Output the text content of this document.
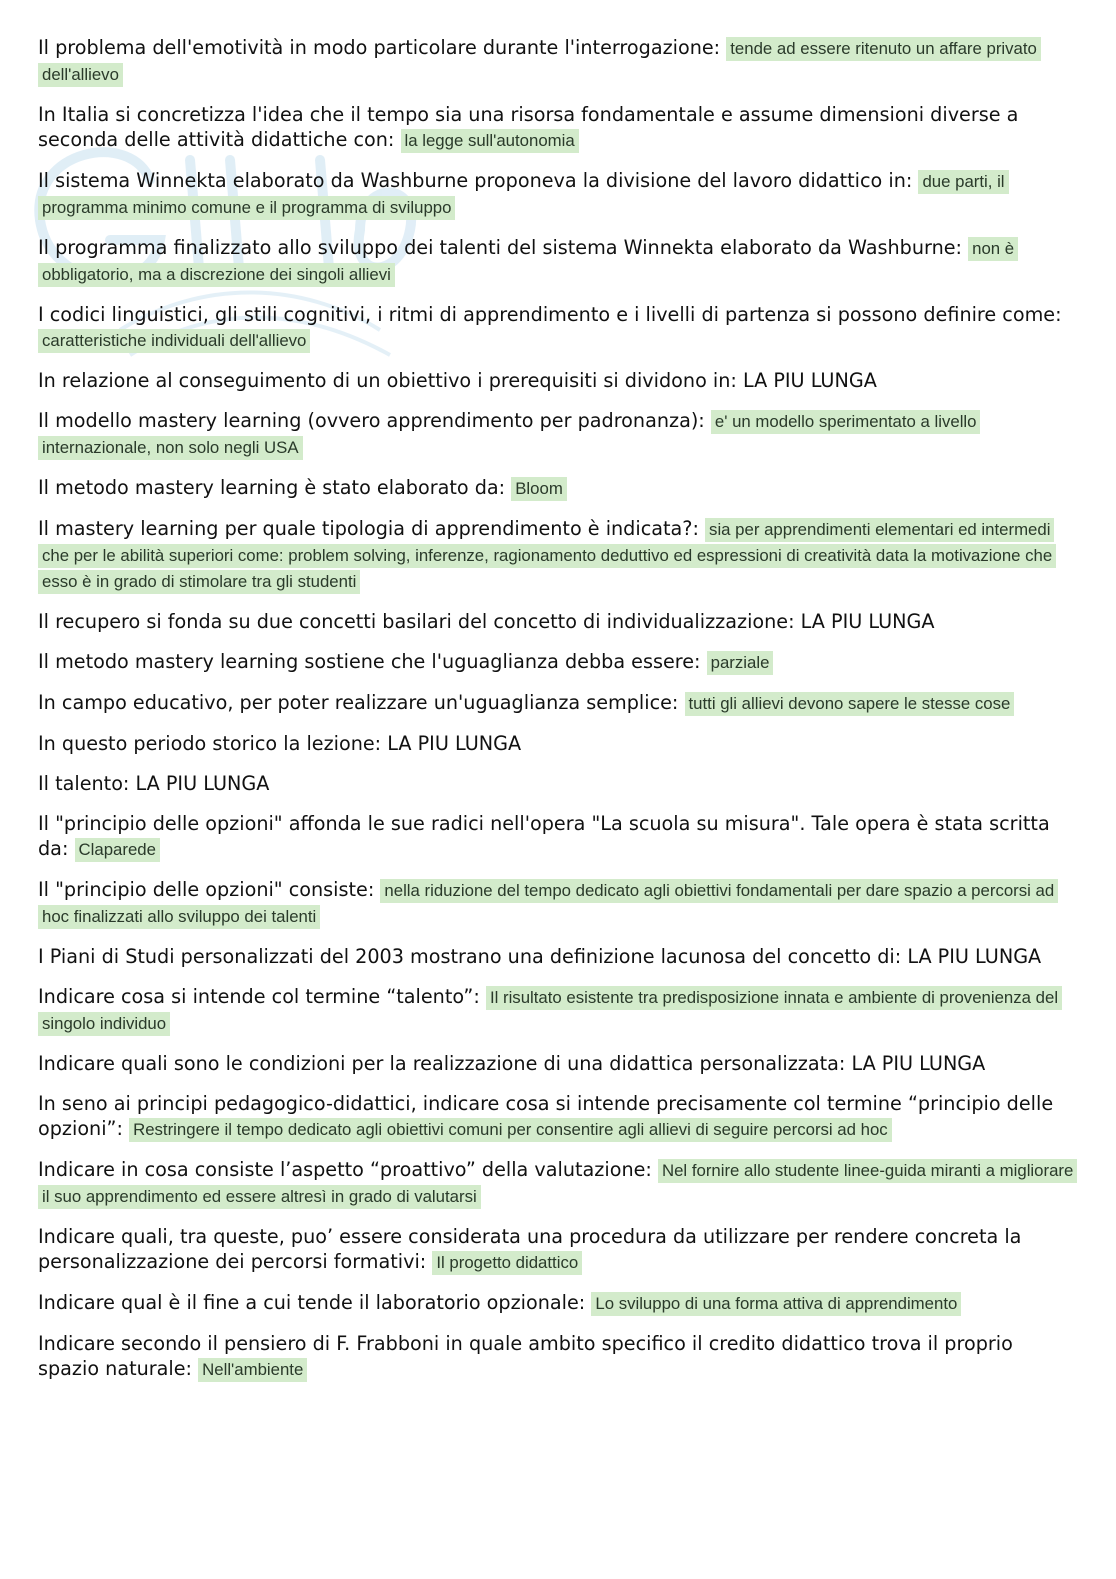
Il problema dell'emotività in modo particolare durante l'interrogazione: tende ad essere ritenuto un affare privato dell'allievo

In Italia si concretizza l'idea che il tempo sia una risorsa fondamentale e assume dimensioni diverse a seconda delle attività didattiche con: la legge sull'autonomia

Il sistema Winnekta elaborato da Washburne proponeva la divisione del lavoro didattico in: due parti, il programma minimo comune e il programma di sviluppo

Il programma finalizzato allo sviluppo dei talenti del sistema Winnekta elaborato da Washburne: non è obbligatorio, ma a discrezione dei singoli allievi

I codici linguistici, gli stili cognitivi, i ritmi di apprendimento e i livelli di partenza si possono definire come: caratteristiche individuali dell'allievo

In relazione al conseguimento di un obiettivo i prerequisiti si dividono in: LA PIU LUNGA

Il modello mastery learning (ovvero apprendimento per padronanza): e' un modello sperimentato a livello internazionale, non solo negli USA

Il metodo mastery learning è stato elaborato da: Bloom

Il mastery learning per quale tipologia di apprendimento è indicata?: sia per apprendimenti elementari ed intermedi che per le abilità superiori come: problem solving, inferenze, ragionamento deduttivo ed espressioni di creatività data la motivazione che esso è in grado di stimolare tra gli studenti

Il recupero si fonda su due concetti basilari del concetto di individualizzazione: LA PIU LUNGA

Il metodo mastery learning sostiene che l'uguaglianza debba essere: parziale

In campo educativo, per poter realizzare un'uguaglianza semplice: tutti gli allievi devono sapere le stesse cose

In questo periodo storico la lezione: LA PIU LUNGA

Il talento: LA PIU LUNGA

Il "principio delle opzioni" affonda le sue radici nell'opera "La scuola su misura". Tale opera è stata scritta da: Claparede

Il "principio delle opzioni" consiste: nella riduzione del tempo dedicato agli obiettivi fondamentali per dare spazio a percorsi ad hoc finalizzati allo sviluppo dei talenti

I Piani di Studi personalizzati del 2003 mostrano una definizione lacunosa del concetto di: LA PIU LUNGA

Indicare cosa si intende col termine “talento”: Il risultato esistente tra predisposizione innata e ambiente di provenienza del singolo individuo

Indicare quali sono le condizioni per la realizzazione di una didattica personalizzata: LA PIU LUNGA

In seno ai principi pedagogico-didattici, indicare cosa si intende precisamente col termine “principio delle opzioni”: Restringere il tempo dedicato agli obiettivi comuni per consentire agli allievi di seguire percorsi ad hoc

Indicare in cosa consiste l’aspetto “proattivo” della valutazione: Nel fornire allo studente linee-guida miranti a migliorare il suo apprendimento ed essere altresì in grado di valutarsi

Indicare quali, tra queste, puo’ essere considerata una procedura da utilizzare per rendere concreta la personalizzazione dei percorsi formativi: Il progetto didattico

Indicare qual è il fine a cui tende il laboratorio opzionale: Lo sviluppo di una forma attiva di apprendimento

Indicare secondo il pensiero di F. Frabboni in quale ambito specifico il credito didattico trova il proprio spazio naturale: Nell'ambiente
